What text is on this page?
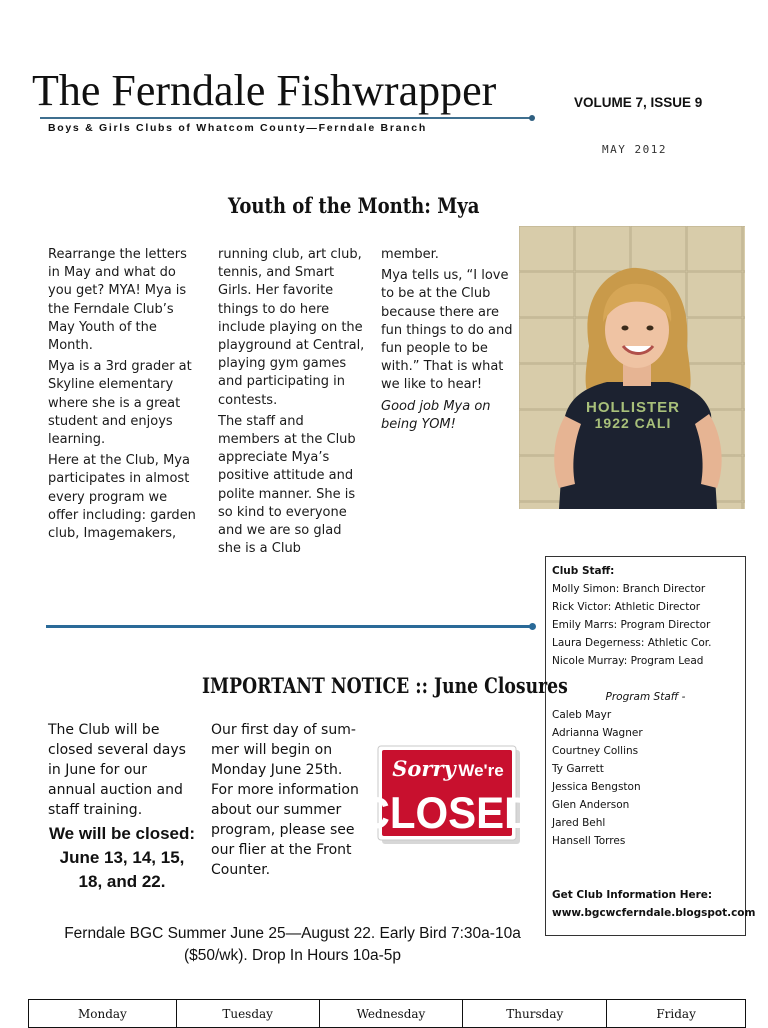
The Ferndale Fishwrapper	VOLUME 7, ISSUE 9
Boys & Girls Clubs of Whatcom County—Ferndale Branch
MAY 2012
Youth of the Month: Mya

Rearrange the letters in May and what do you get? MYA! Mya is the Ferndale Club’s May Youth of the Month.

Mya is a 3rd grader at Skyline elementary where she is a great student and enjoys learning.

Here at the Club, Mya participates in almost every program we offer including: garden club, Imagemakers,

running club, art club, tennis, and Smart Girls. Her favorite things to do here include playing on the playground at Central, playing gym games and participating in contests.

The staff and members at the Club appreciate Mya’s positive attitude and polite manner. She is so kind to everyone and we are so glad she is a Club

member.

Mya tells us, “I love to be at the Club because there are fun things to do and fun people to be with.” That is what we like to hear!

Good job Mya on being YOM!

HOLLISTER
1922 CALI
Club Staff:
Molly Simon: Branch Director
Rick Victor: Athletic Director
Emily Marrs: Program Director
Laura Degerness: Athletic Cor.
Nicole Murray: Program Lead
Program Staff -
Caleb Mayr
Adrianna Wagner
Courtney Collins
Ty Garrett
Jessica Bengston
Glen Anderson
Jared Behl
Hansell Torres
Get Club Information Here:
www.bgcwcferndale.blogspot.com
IMPORTANT NOTICE :: June Closures
The Club will be closed several days in June for our annual auction and staff training.
We will be closed: June 13, 14, 15, 18, and 22.
Our first day of sum-mer will begin on Monday June 25th. For more information about our summer program, please see our flier at the Front Counter.
Sorry We're
CLOSED
Ferndale BGC Summer June 25—August 22. Early Bird 7:30a-10a ($50/wk). Drop In Hours 10a-5p
Monday	Tuesday	Wednesday	Thursday	Friday
